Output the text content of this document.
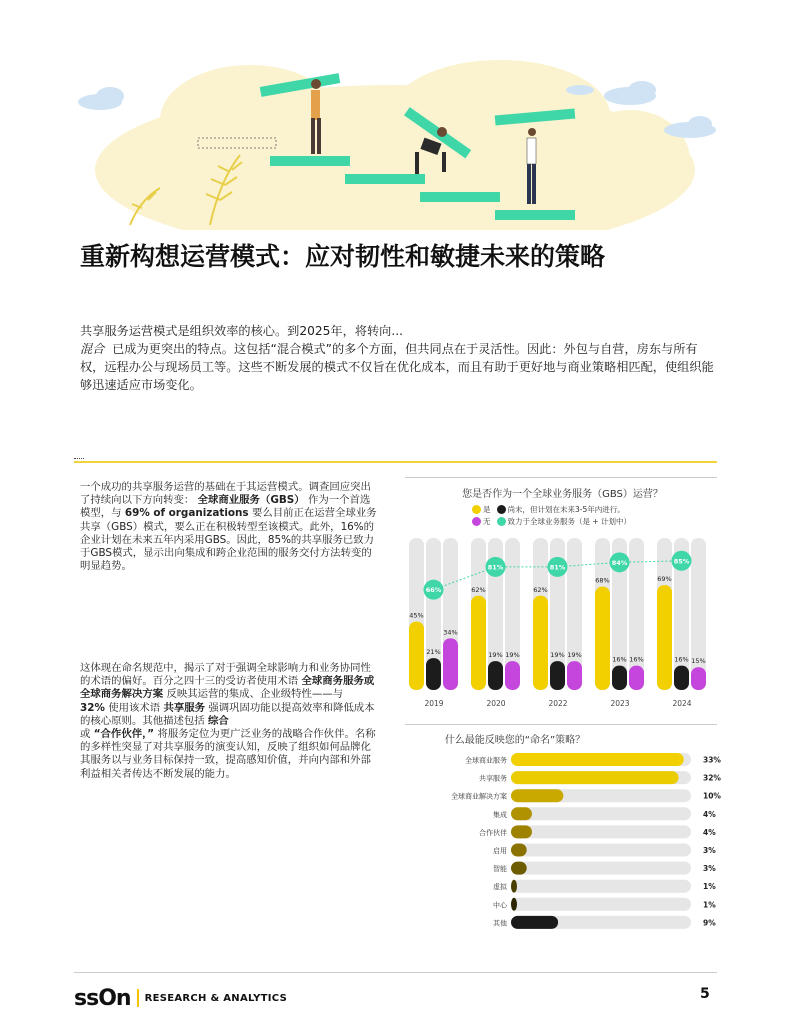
重新构想运营模式：应对韧性和敏捷未来的策略

共享服务运营模式是组织效率的核心。到2025年，将转向...

混合 已成为更突出的特点。这包括“混合模式”的多个方面，但共同点在于灵活性。因此：外包与自营，房东与所有权，远程办公与现场员工等。这些不断发展的模式不仅旨在优化成本，而且有助于更好地与商业策略相匹配，使组织能够迅速适应市场变化。

一个成功的共享服务运营的基础在于其运营模式。调查回应突出了持续向以下方向转变： 全球商业服务（GBS） 作为一个首选模型，与 69% of organizations 要么目前正在运营全球业务共享（GBS）模式，要么正在积极转型至该模式。此外，16%的企业计划在未来五年内采用GBS。因此，85%的共享服务已致力于GBS模式，显示出向集成和跨企业范围的服务交付方法转变的明显趋势。
这体现在命名规范中，揭示了对于强调全球影响力和业务协同性的术语的偏好。百分之四十三的受访者使用术语 全球商务服务或全球商务解决方案 反映其运营的集成、企业级特性——与
32% 使用该术语 共享服务 强调巩固功能以提高效率和降低成本的核心原则。其他描述包括 综合
或 “合作伙伴，” 将服务定位为更广泛业务的战略合作伙伴。名称的多样性突显了对共享服务的演变认知，反映了组织如何品牌化其服务以与业务目标保持一致，提高感知价值，并向内部和外部利益相关者传达不断发展的能力。
您是否作为一个全球业务服务（GBS）运营？
是 尚未，但计划在未来3-5年内进行。
无 致力于全球业务服务（是 + 计划中）
45%
21%
34%
2019
62%
19% 19%
2020
62%
19% 19%
2022
68%
16% 16%
2023
69%
16% 15%
2024
66%
81%	81%
84%	85%
什么最能反映您的“命名”策略？
全球商业服务	33%
共享服务	32%
全球商业解决方案	10%
集成	4%
合作伙伴	4%
启用	3%
智能	3%
虚拟	1%
中心	1%
其他	9%
ssOn RESEARCH & ANALYTICS	5
